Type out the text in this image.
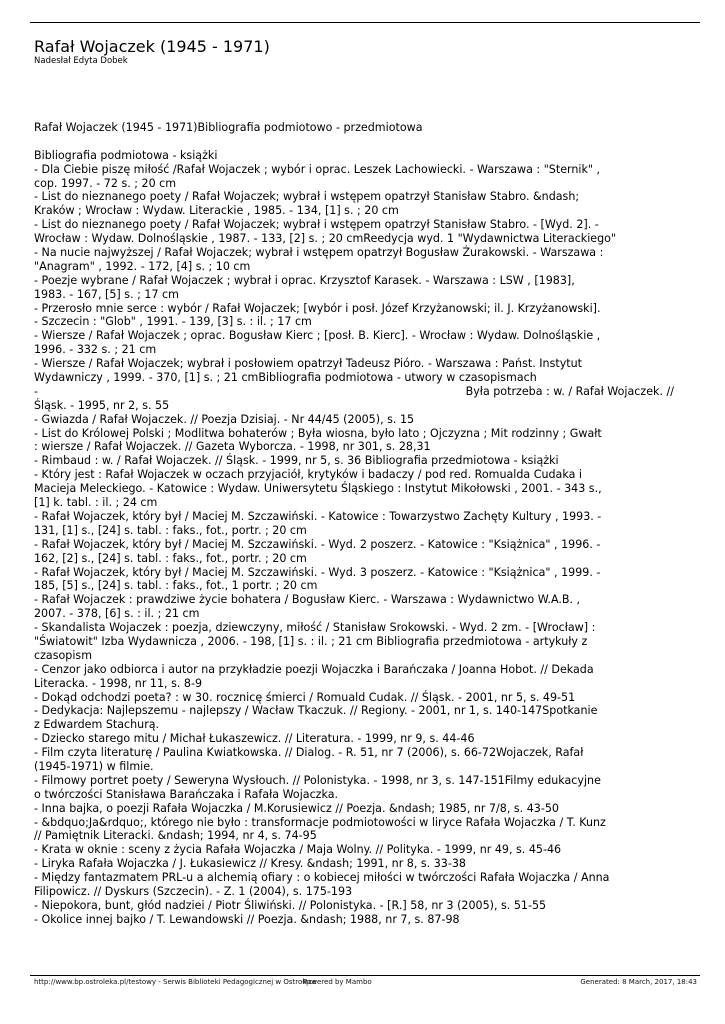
Rafał Wojaczek (1945 - 1971)
Nadesłał Edyta Dobek
Rafał Wojaczek (1945 - 1971)Bibliografia podmiotowo - przedmiotowa
Bibliografia podmiotowa - książki
- Dla Ciebie piszę miłość /Rafał Wojaczek ; wybór i oprac. Leszek Lachowiecki. - Warszawa : "Sternik" ,
cop. 1997. - 72 s. ; 20 cm
- List do nieznanego poety / Rafał Wojaczek; wybrał i wstępem opatrzył Stanisław Stabro. &ndash;
Kraków ; Wrocław : Wydaw. Literackie , 1985. - 134, [1] s. ; 20 cm
- List do nieznanego poety / Rafał Wojaczek; wybrał i wstępem opatrzył Stanisław Stabro. - [Wyd. 2]. -
Wrocław : Wydaw. Dolnośląskie , 1987. - 133, [2] s. ; 20 cmReedycja wyd. 1 "Wydawnictwa Literackiego"
- Na nucie najwyższej / Rafał Wojaczek; wybrał i wstępem opatrzył Bogusław Żurakowski. - Warszawa :
"Anagram" , 1992. - 172, [4] s. ; 10 cm
- Poezje wybrane / Rafał Wojaczek ; wybrał i oprac. Krzysztof Karasek. - Warszawa : LSW , [1983],
1983. - 167, [5] s. ; 17 cm
- Przerosło mnie serce : wybór / Rafał Wojaczek; [wybór i posł. Józef Krzyżanowski; il. J. Krzyżanowski].
- Szczecin : "Glob" , 1991. - 139, [3] s. : il. ; 17 cm
- Wiersze / Rafał Wojaczek ; oprac. Bogusław Kierc ; [posł. B. Kierc]. - Wrocław : Wydaw. Dolnośląskie ,
1996. - 332 s. ; 21 cm
- Wiersze / Rafał Wojaczek; wybrał i posłowiem opatrzył Tadeusz Pióro. - Warszawa : Państ. Instytut
Wydawniczy , 1999. - 370, [1] s. ; 21 cmBibliografia podmiotowa - utwory w czasopismach
-	Była potrzeba : w. / Rafał Wojaczek. //
Śląsk. - 1995, nr 2, s. 55
- Gwiazda / Rafał Wojaczek. // Poezja Dzisiaj. - Nr 44/45 (2005), s. 15
- List do Królowej Polski ; Modlitwa bohaterów ; Była wiosna, było lato ; Ojczyzna ; Mit rodzinny ; Gwałt
: wiersze / Rafał Wojaczek. // Gazeta Wyborcza. - 1998, nr 301, s. 28,31
- Rimbaud : w. / Rafał Wojaczek. // Śląsk. - 1999, nr 5, s. 36 Bibliografia przedmiotowa - książki
- Który jest : Rafał Wojaczek w oczach przyjaciół, krytyków i badaczy / pod red. Romualda Cudaka i
Macieja Meleckiego. - Katowice : Wydaw. Uniwersytetu Śląskiego : Instytut Mikołowski , 2001. - 343 s.,
[1] k. tabl. : il. ; 24 cm
- Rafał Wojaczek, który był / Maciej M. Szczawiński. - Katowice : Towarzystwo Zachęty Kultury , 1993. -
131, [1] s., [24] s. tabl. : faks., fot., portr. ; 20 cm
- Rafał Wojaczek, który był / Maciej M. Szczawiński. - Wyd. 2 poszerz. - Katowice : "Książnica" , 1996. -
162, [2] s., [24] s. tabl. : faks., fot., portr. ; 20 cm
- Rafał Wojaczek, który był / Maciej M. Szczawiński. - Wyd. 3 poszerz. - Katowice : "Książnica" , 1999. -
185, [5] s., [24] s. tabl. : faks., fot., 1 portr. ; 20 cm
- Rafał Wojaczek : prawdziwe życie bohatera / Bogusław Kierc. - Warszawa : Wydawnictwo W.A.B. ,
2007. - 378, [6] s. : il. ; 21 cm
- Skandalista Wojaczek : poezja, dziewczyny, miłość / Stanisław Srokowski. - Wyd. 2 zm. - [Wrocław] :
"Światowit" Izba Wydawnicza , 2006. - 198, [1] s. : il. ; 21 cm Bibliografia przedmiotowa - artykuły z
czasopism
- Cenzor jako odbiorca i autor na przykładzie poezji Wojaczka i Barańczaka / Joanna Hobot. // Dekada
Literacka. - 1998, nr 11, s. 8-9
- Dokąd odchodzi poeta? : w 30. rocznicę śmierci / Romuald Cudak. // Śląsk. - 2001, nr 5, s. 49-51
- Dedykacja: Najlepszemu - najlepszy / Wacław Tkaczuk. // Regiony. - 2001, nr 1, s. 140-147Spotkanie
z Edwardem Stachurą.
- Dziecko starego mitu / Michał Łukaszewicz. // Literatura. - 1999, nr 9, s. 44-46
- Film czyta literaturę / Paulina Kwiatkowska. // Dialog. - R. 51, nr 7 (2006), s. 66-72Wojaczek, Rafał
(1945-1971) w filmie.
- Filmowy portret poety / Seweryna Wysłouch. // Polonistyka. - 1998, nr 3, s. 147-151Filmy edukacyjne
o twórczości Stanisława Barańczaka i Rafała Wojaczka.
- Inna bajka, o poezji Rafała Wojaczka / M.Korusiewicz // Poezja. &ndash; 1985, nr 7/8, s. 43-50
- &bdquo;Ja&rdquo;, którego nie było : transformacje podmiotowości w liryce Rafała Wojaczka / T. Kunz
// Pamiętnik Literacki. &ndash; 1994, nr 4, s. 74-95
- Krata w oknie : sceny z życia Rafała Wojaczka / Maja Wolny. // Polityka. - 1999, nr 49, s. 45-46
- Liryka Rafała Wojaczka / J. Łukasiewicz // Kresy. &ndash; 1991, nr 8, s. 33-38
- Między fantazmatem PRL-u a alchemią ofiary : o kobiecej miłości w twórczości Rafała Wojaczka / Anna
Filipowicz. // Dyskurs (Szczecin). - Z. 1 (2004), s. 175-193
- Niepokora, bunt, głód nadziei / Piotr Śliwiński. // Polonistyka. - [R.] 58, nr 3 (2005), s. 51-55
- Okolice innej bajko / T. Lewandowski // Poezja. &ndash; 1988, nr 7, s. 87-98
http://www.bp.ostroleka.pl/testowy - Serwis Biblioteki Pedagogicznej w Ostrołęce
Powered by Mambo	Generated: 8 March, 2017, 18:43
